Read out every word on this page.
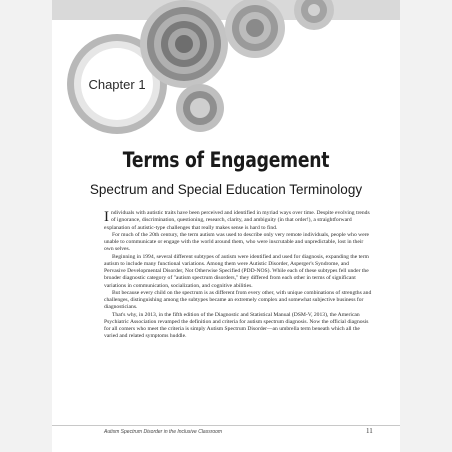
Chapter 1
Terms of Engagement
Spectrum and Special Education Terminology

Individuals with autistic traits have been perceived and identified in myriad ways over time. Despite evolving trends of ignorance, discrimination, questioning, research, clarity, and ambiguity (in that order!), a straightforward explanation of autistic-type challenges that really makes sense is hard to find.

For much of the 20th century, the term autism was used to describe only very remote individuals, people who were unable to communicate or engage with the world around them, who were inscrutable and unpredictable, lost in their own selves.

Beginning in 1994, several different subtypes of autism were identified and used for diagnosis, expanding the term autism to include many functional variations. Among them were Autistic Disorder, Asperger's Syndrome, and Pervasive Developmental Disorder, Not Otherwise Specified (PDD-NOS). While each of these subtypes fell under the broader diagnostic category of "autism spectrum disorders," they differed from each other in terms of significant variations in communication, socialization, and cognitive abilities.

But because every child on the spectrum is as different from every other, with unique combinations of strengths and challenges, distinguishing among the subtypes became an extremely complex and somewhat subjective business for diagnosticians.

That's why, in 2013, in the fifth edition of the Diagnostic and Statistical Manual (DSM-V, 2013), the American Psychiatric Association revamped the definition and criteria for autism spectrum diagnosis. Now the official diagnosis for all comers who meet the criteria is simply Autism Spectrum Disorder—an umbrella term beneath which all the varied and related symptoms huddle.

Autism Spectrum Disorder in the Inclusive Classroom	11
